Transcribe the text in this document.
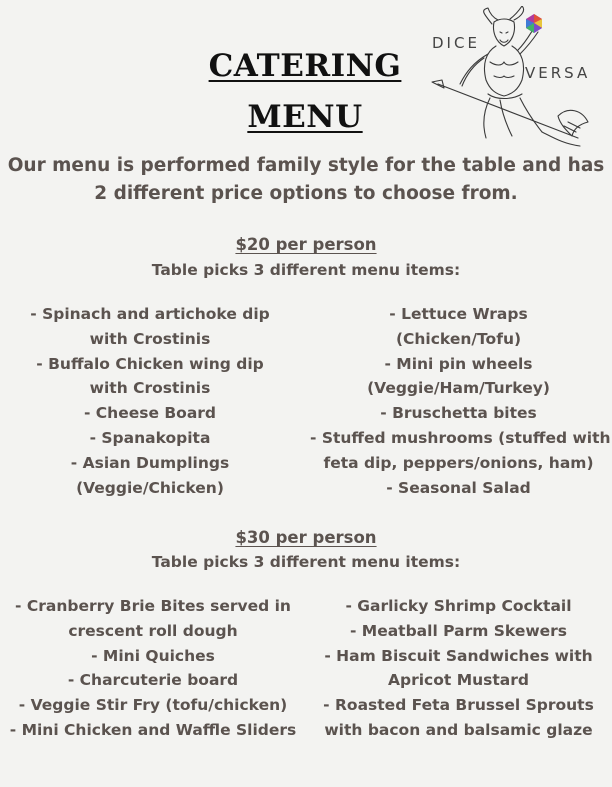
CATERING
MENU
DICE
VERSA
Our menu is performed family style for the table and has
2 different price options to choose from.
$20 per person
Table picks 3 different menu items:
- Spinach and artichoke dip
with Crostinis
- Buffalo Chicken wing dip
with Crostinis
- Cheese Board
- Spanakopita
- Asian Dumplings
(Veggie/Chicken)
- Lettuce Wraps
(Chicken/Tofu)
- Mini pin wheels
(Veggie/Ham/Turkey)
- Bruschetta bites
- Stuffed mushrooms (stuffed with
feta dip, peppers/onions, ham)
- Seasonal Salad
$30 per person
Table picks 3 different menu items:
- Cranberry Brie Bites served in
crescent roll dough
- Mini Quiches
- Charcuterie board
- Veggie Stir Fry (tofu/chicken)
- Mini Chicken and Waffle Sliders
- Garlicky Shrimp Cocktail
- Meatball Parm Skewers
- Ham Biscuit Sandwiches with
Apricot Mustard
- Roasted Feta Brussel Sprouts
with bacon and balsamic glaze
